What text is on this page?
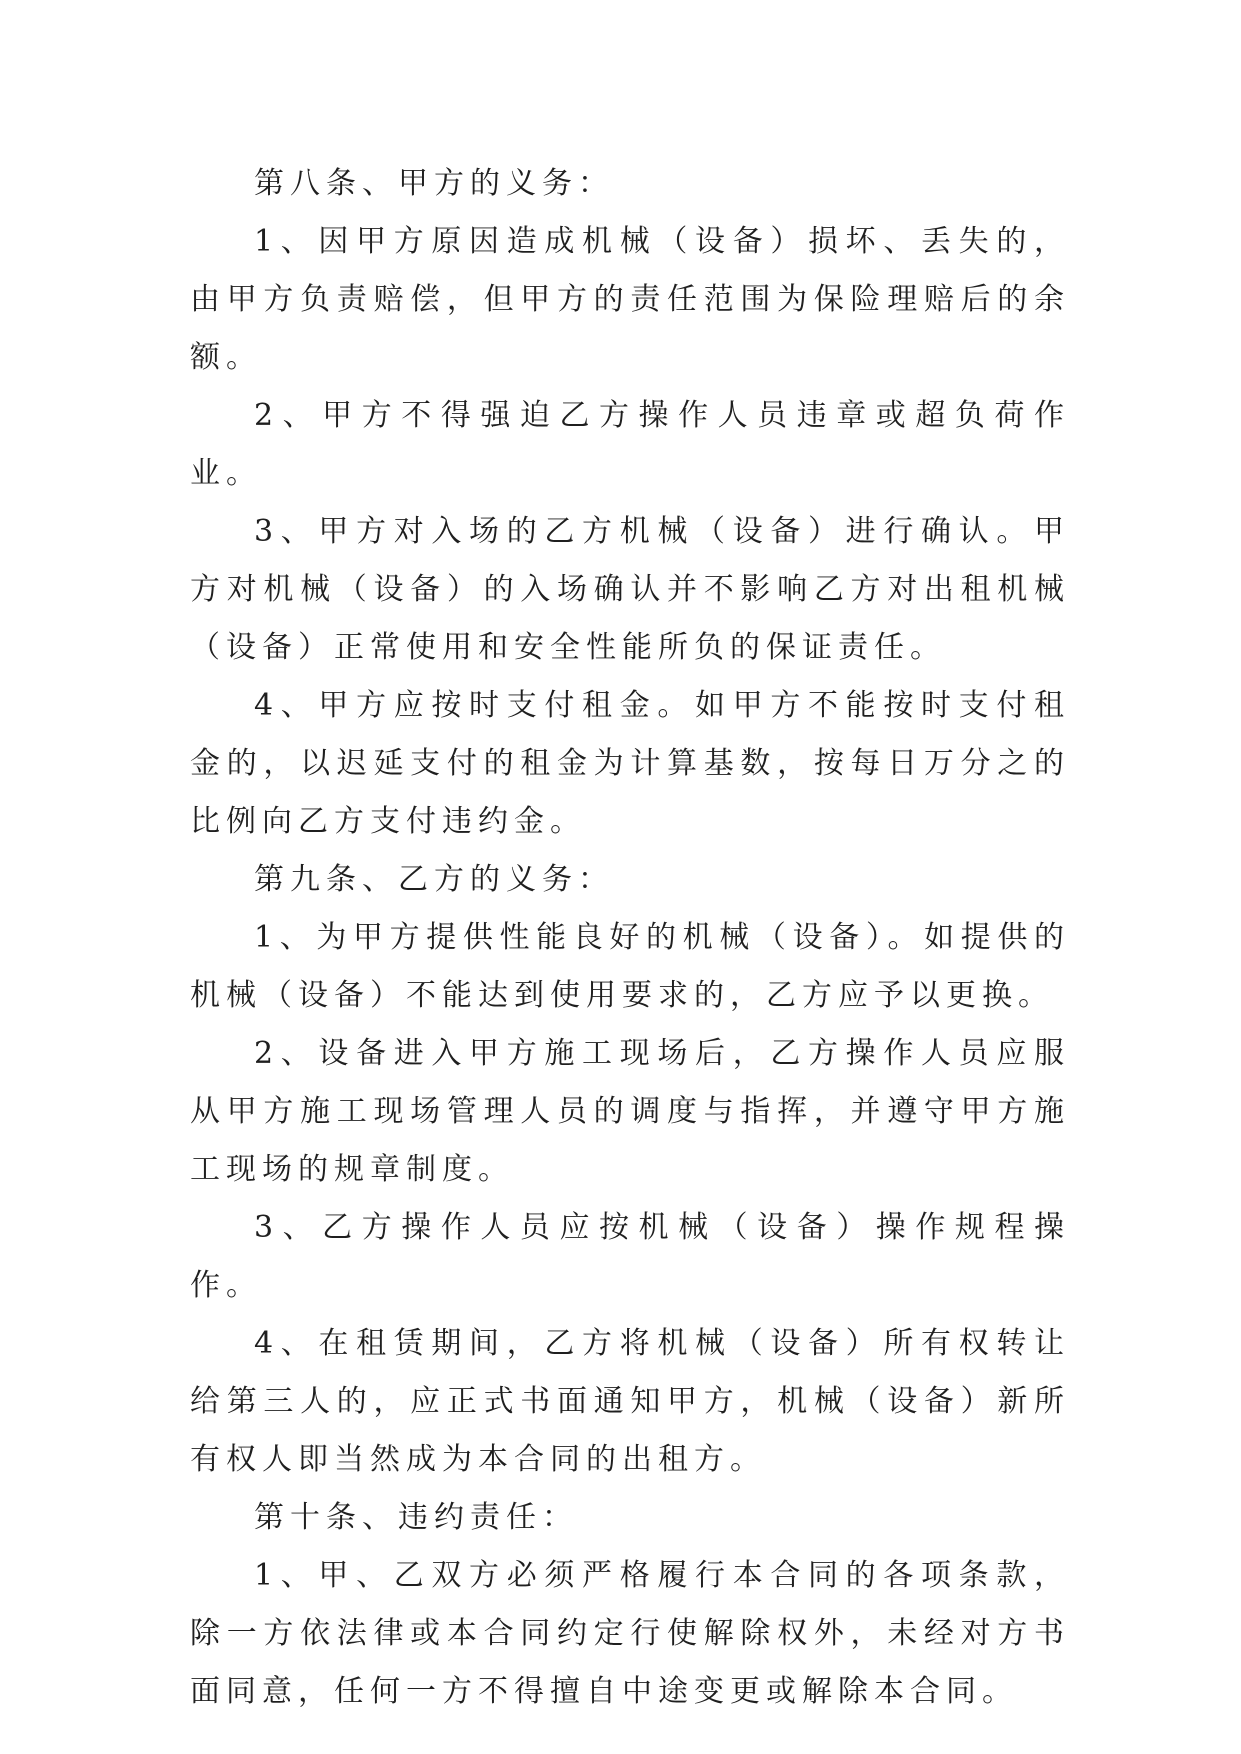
第八条、甲方的义务：

1、因甲方原因造成机械（设备）损坏、丢失的，由甲方负责赔偿，但甲方的责任范围为保险理赔后的余额。

2、甲方不得强迫乙方操作人员违章或超负荷作业。

3、甲方对入场的乙方机械（设备）进行确认。甲方对机械（设备）的入场确认并不影响乙方对出租机械（设备）正常使用和安全性能所负的保证责任。

4、甲方应按时支付租金。如甲方不能按时支付租金的，以迟延支付的租金为计算基数，按每日万分之的比例向乙方支付违约金。

第九条、乙方的义务：

1、为甲方提供性能良好的机械（设备）。如提供的机械（设备）不能达到使用要求的，乙方应予以更换。

2、设备进入甲方施工现场后，乙方操作人员应服从甲方施工现场管理人员的调度与指挥，并遵守甲方施工现场的规章制度。

3、乙方操作人员应按机械（设备）操作规程操作。

4、在租赁期间，乙方将机械（设备）所有权转让给第三人的，应正式书面通知甲方，机械（设备）新所有权人即当然成为本合同的出租方。

第十条、违约责任：

1、甲、乙双方必须严格履行本合同的各项条款，除一方依法律或本合同约定行使解除权外，未经对方书面同意，任何一方不得擅自中途变更或解除本合同。
